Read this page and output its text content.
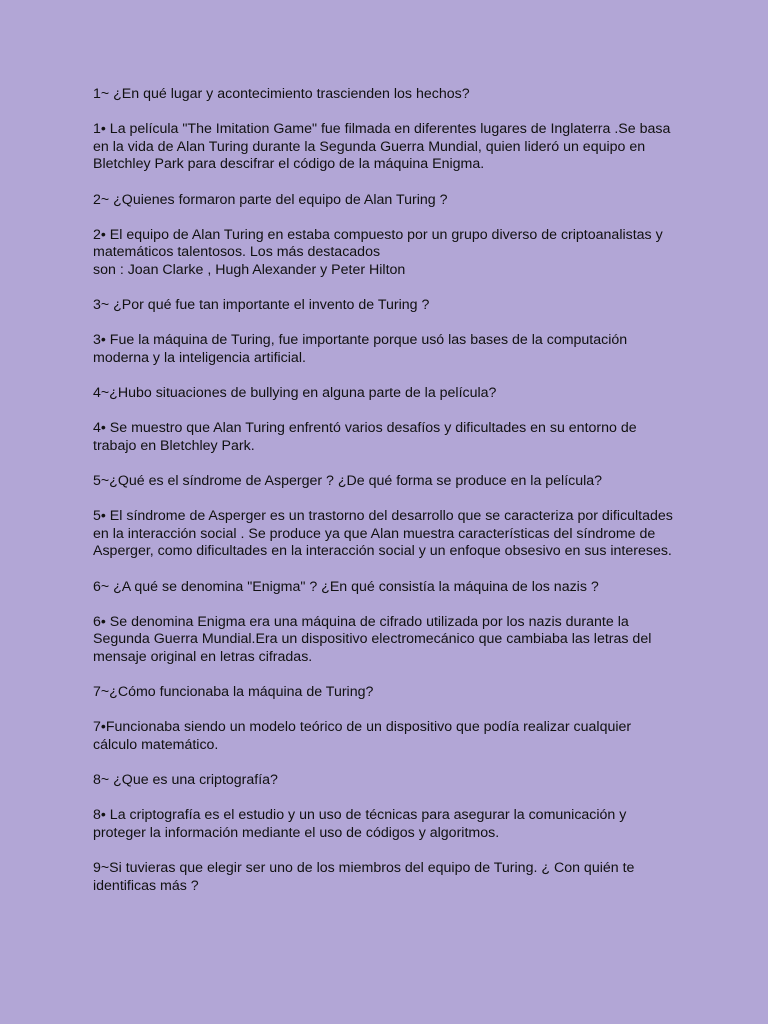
1~ ¿En qué lugar y acontecimiento trascienden los hechos?

1• La película "The Imitation Game" fue filmada en diferentes lugares de Inglaterra .Se basa
en la vida de Alan Turing durante la Segunda Guerra Mundial, quien lideró un equipo en
Bletchley Park para descifrar el código de la máquina Enigma.

2~ ¿Quienes formaron parte del equipo de Alan Turing ?

2• El equipo de Alan Turing en estaba compuesto por un grupo diverso de criptoanalistas y
matemáticos talentosos. Los más destacados
son : Joan Clarke , Hugh Alexander y Peter Hilton

3~ ¿Por qué fue tan importante el invento de Turing ?

3• Fue la máquina de Turing, fue importante porque usó las bases de la computación
moderna y la inteligencia artificial.

4~¿Hubo situaciones de bullying en alguna parte de la película?

4• Se muestro que Alan Turing enfrentó varios desafíos y dificultades en su entorno de
trabajo en Bletchley Park.

5~¿Qué es el síndrome de Asperger ? ¿De qué forma se produce en la película?

5• El síndrome de Asperger es un trastorno del desarrollo que se caracteriza por dificultades
en la interacción social . Se produce ya que Alan muestra características del síndrome de
Asperger, como dificultades en la interacción social y un enfoque obsesivo en sus intereses.

6~ ¿A qué se denomina "Enigma" ? ¿En qué consistía la máquina de los nazis ?

6• Se denomina Enigma era una máquina de cifrado utilizada por los nazis durante la
Segunda Guerra Mundial.Era un dispositivo electromecánico que cambiaba las letras del
mensaje original en letras cifradas.

7~¿Cómo funcionaba la máquina de Turing?

7•Funcionaba siendo un modelo teórico de un dispositivo que podía realizar cualquier
cálculo matemático.

8~ ¿Que es una criptografía?

8• La criptografía es el estudio y un uso de técnicas para asegurar la comunicación y
proteger la información mediante el uso de códigos y algoritmos.

9~Si tuvieras que elegir ser uno de los miembros del equipo de Turing. ¿ Con quién te
identificas más ?
